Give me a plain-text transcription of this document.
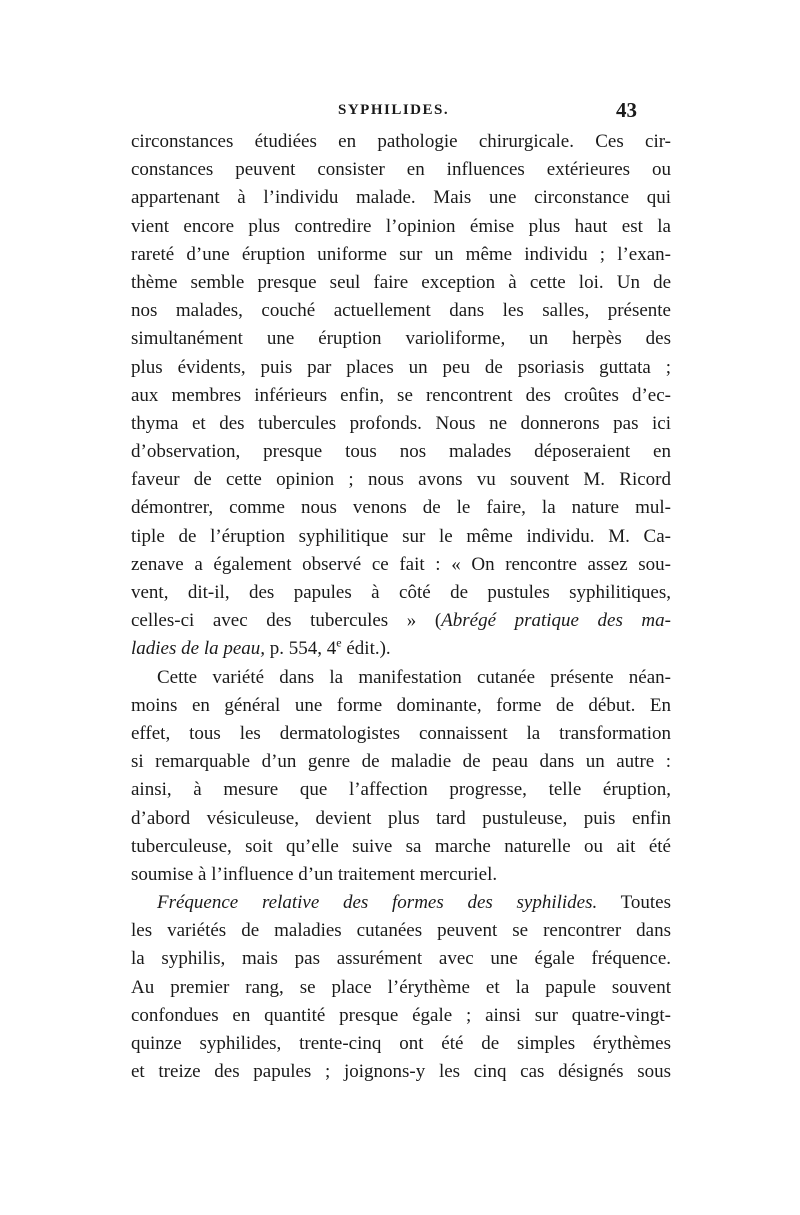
SYPHILIDES.	43
circonstances étudiées en pathologie chirurgicale. Ces cir-
constances peuvent consister en influences extérieures ou
appartenant à l’individu malade. Mais une circonstance qui
vient encore plus contredire l’opinion émise plus haut est la
rareté d’une éruption uniforme sur un même individu ; l’exan-
thème semble presque seul faire exception à cette loi. Un de
nos malades, couché actuellement dans les salles, présente
simultanément une éruption varioliforme, un herpès des
plus évidents, puis par places un peu de psoriasis guttata ;
aux membres inférieurs enfin, se rencontrent des croûtes d’ec-
thyma et des tubercules profonds. Nous ne donnerons pas ici
d’observation, presque tous nos malades déposeraient en
faveur de cette opinion ; nous avons vu souvent M. Ricord
démontrer, comme nous venons de le faire, la nature mul-
tiple de l’éruption syphilitique sur le même individu. M. Ca-
zenave a également observé ce fait : « On rencontre assez sou-
vent, dit-il, des papules à côté de pustules syphilitiques,
celles-ci avec des tubercules » (Abrégé pratique des ma-
ladies de la peau, p. 554, 4e édit.).
Cette variété dans la manifestation cutanée présente néan-
moins en général une forme dominante, forme de début. En
effet, tous les dermatologistes connaissent la transformation
si remarquable d’un genre de maladie de peau dans un autre :
ainsi, à mesure que l’affection progresse, telle éruption,
d’abord vésiculeuse, devient plus tard pustuleuse, puis enfin
tuberculeuse, soit qu’elle suive sa marche naturelle ou ait été
soumise à l’influence d’un traitement mercuriel.
Fréquence relative des formes des syphilides. Toutes
les variétés de maladies cutanées peuvent se rencontrer dans
la syphilis, mais pas assurément avec une égale fréquence.
Au premier rang, se place l’érythème et la papule souvent
confondues en quantité presque égale ; ainsi sur quatre-vingt-
quinze syphilides, trente-cinq ont été de simples érythèmes
et treize des papules ; joignons-y les cinq cas désignés sous
